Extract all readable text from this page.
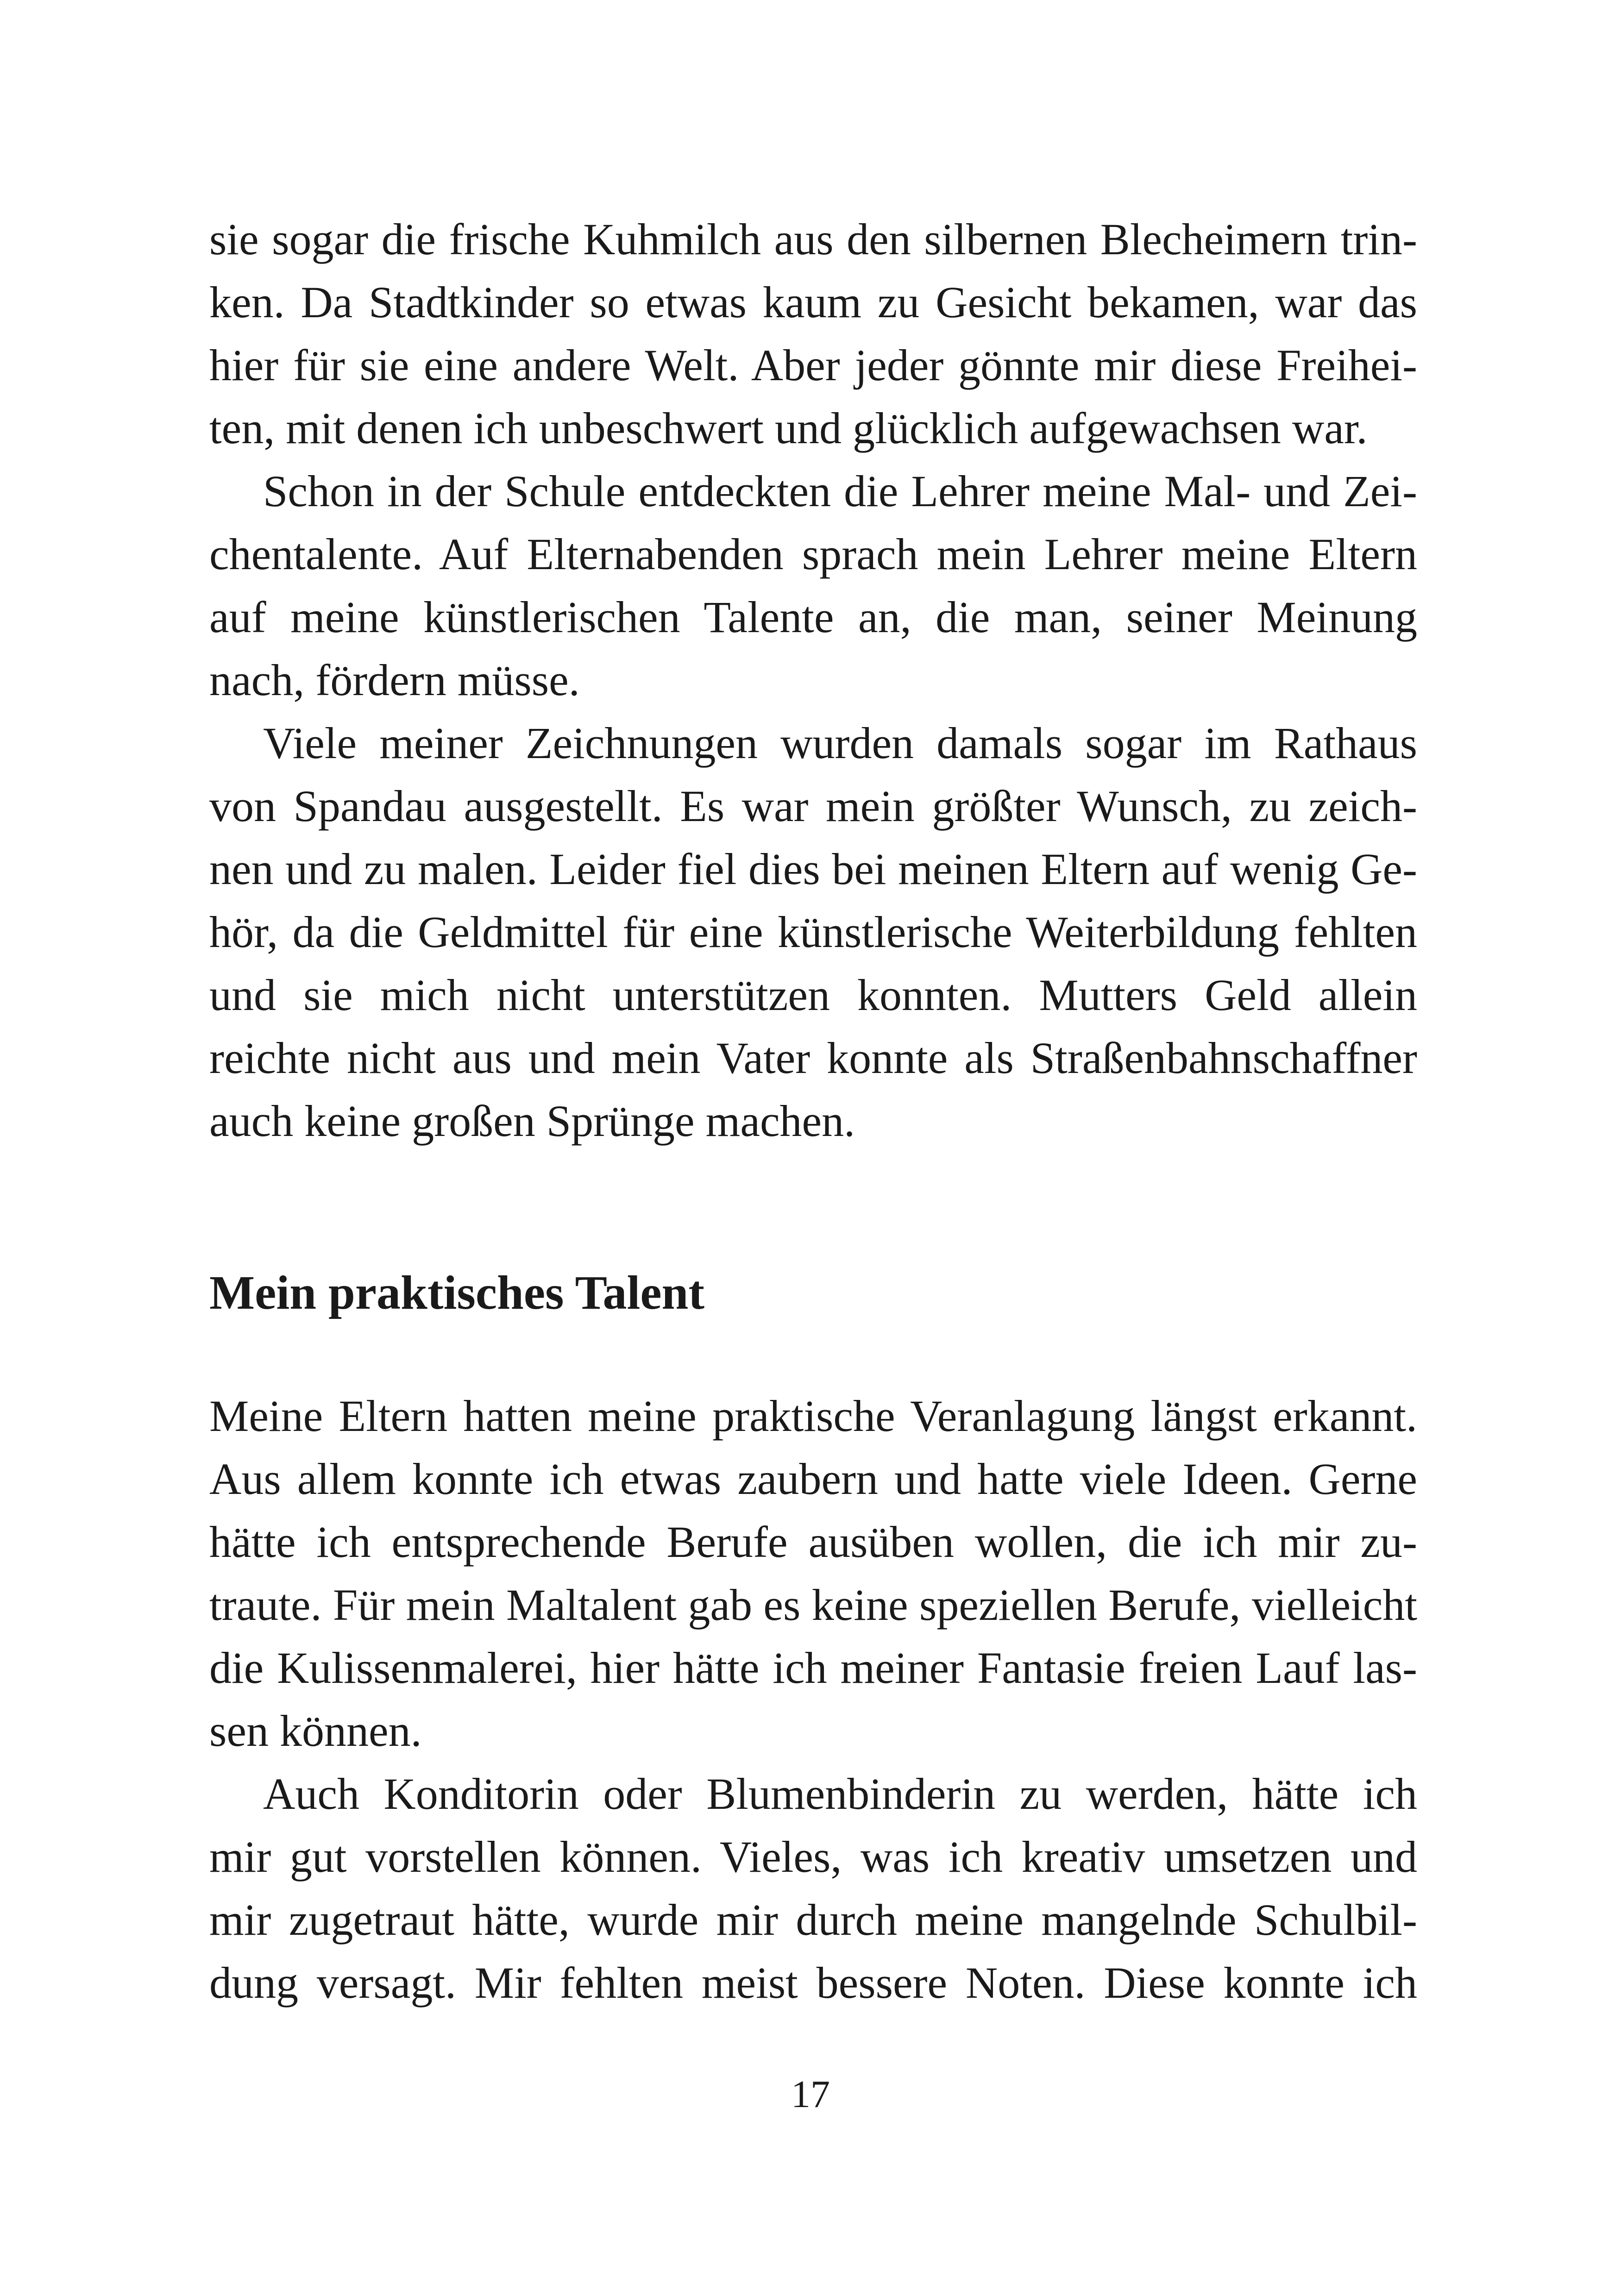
sie sogar die frische Kuhmilch aus den silbernen Blecheimern trin-
ken. Da Stadtkinder so etwas kaum zu Gesicht bekamen, war das
hier für sie eine andere Welt. Aber jeder gönnte mir diese Freihei-
ten, mit denen ich unbeschwert und glücklich aufgewachsen war.
Schon in der Schule entdeckten die Lehrer meine Mal- und Zei-
chentalente. Auf Elternabenden sprach mein Lehrer meine Eltern
auf meine künstlerischen Talente an, die man, seiner Meinung
nach, fördern müsse.
Viele meiner Zeichnungen wurden damals sogar im Rathaus
von Spandau ausgestellt. Es war mein größter Wunsch, zu zeich-
nen und zu malen. Leider fiel dies bei meinen Eltern auf wenig Ge-
hör, da die Geldmittel für eine künstlerische Weiterbildung fehlten
und sie mich nicht unterstützen konnten. Mutters Geld allein
reichte nicht aus und mein Vater konnte als Straßenbahnschaffner
auch keine großen Sprünge machen.
Mein praktisches Talent
Meine Eltern hatten meine praktische Veranlagung längst erkannt.
Aus allem konnte ich etwas zaubern und hatte viele Ideen. Gerne
hätte ich entsprechende Berufe ausüben wollen, die ich mir zu-
traute. Für mein Maltalent gab es keine speziellen Berufe, vielleicht
die Kulissenmalerei, hier hätte ich meiner Fantasie freien Lauf las-
sen können.
Auch Konditorin oder Blumenbinderin zu werden, hätte ich
mir gut vorstellen können. Vieles, was ich kreativ umsetzen und
mir zugetraut hätte, wurde mir durch meine mangelnde Schulbil-
dung versagt. Mir fehlten meist bessere Noten. Diese konnte ich
17
